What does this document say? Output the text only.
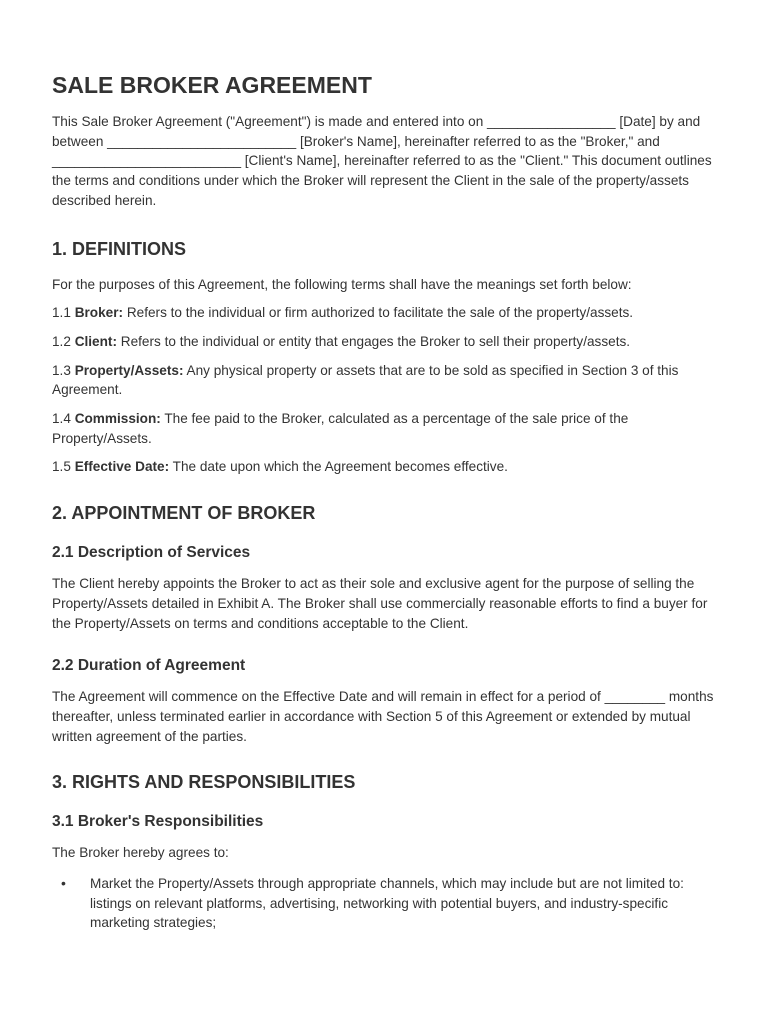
SALE BROKER AGREEMENT

This Sale Broker Agreement ("Agreement") is made and entered into on _________________ [Date] by and between _________________________ [Broker's Name], hereinafter referred to as the "Broker," and _________________________ [Client's Name], hereinafter referred to as the "Client." This document outlines the terms and conditions under which the Broker will represent the Client in the sale of the property/assets described herein.

1. DEFINITIONS

For the purposes of this Agreement, the following terms shall have the meanings set forth below:

1.1 Broker: Refers to the individual or firm authorized to facilitate the sale of the property/assets.

1.2 Client: Refers to the individual or entity that engages the Broker to sell their property/assets.

1.3 Property/Assets: Any physical property or assets that are to be sold as specified in Section 3 of this Agreement.

1.4 Commission: The fee paid to the Broker, calculated as a percentage of the sale price of the Property/Assets.

1.5 Effective Date: The date upon which the Agreement becomes effective.

2. APPOINTMENT OF BROKER
2.1 Description of Services

The Client hereby appoints the Broker to act as their sole and exclusive agent for the purpose of selling the Property/Assets detailed in Exhibit A. The Broker shall use commercially reasonable efforts to find a buyer for the Property/Assets on terms and conditions acceptable to the Client.

2.2 Duration of Agreement

The Agreement will commence on the Effective Date and will remain in effect for a period of ________ months thereafter, unless terminated earlier in accordance with Section 5 of this Agreement or extended by mutual written agreement of the parties.

3. RIGHTS AND RESPONSIBILITIES
3.1 Broker's Responsibilities

The Broker hereby agrees to:

• Market the Property/Assets through appropriate channels, which may include but are not limited to: listings on relevant platforms, advertising, networking with potential buyers, and industry-specific marketing strategies;
